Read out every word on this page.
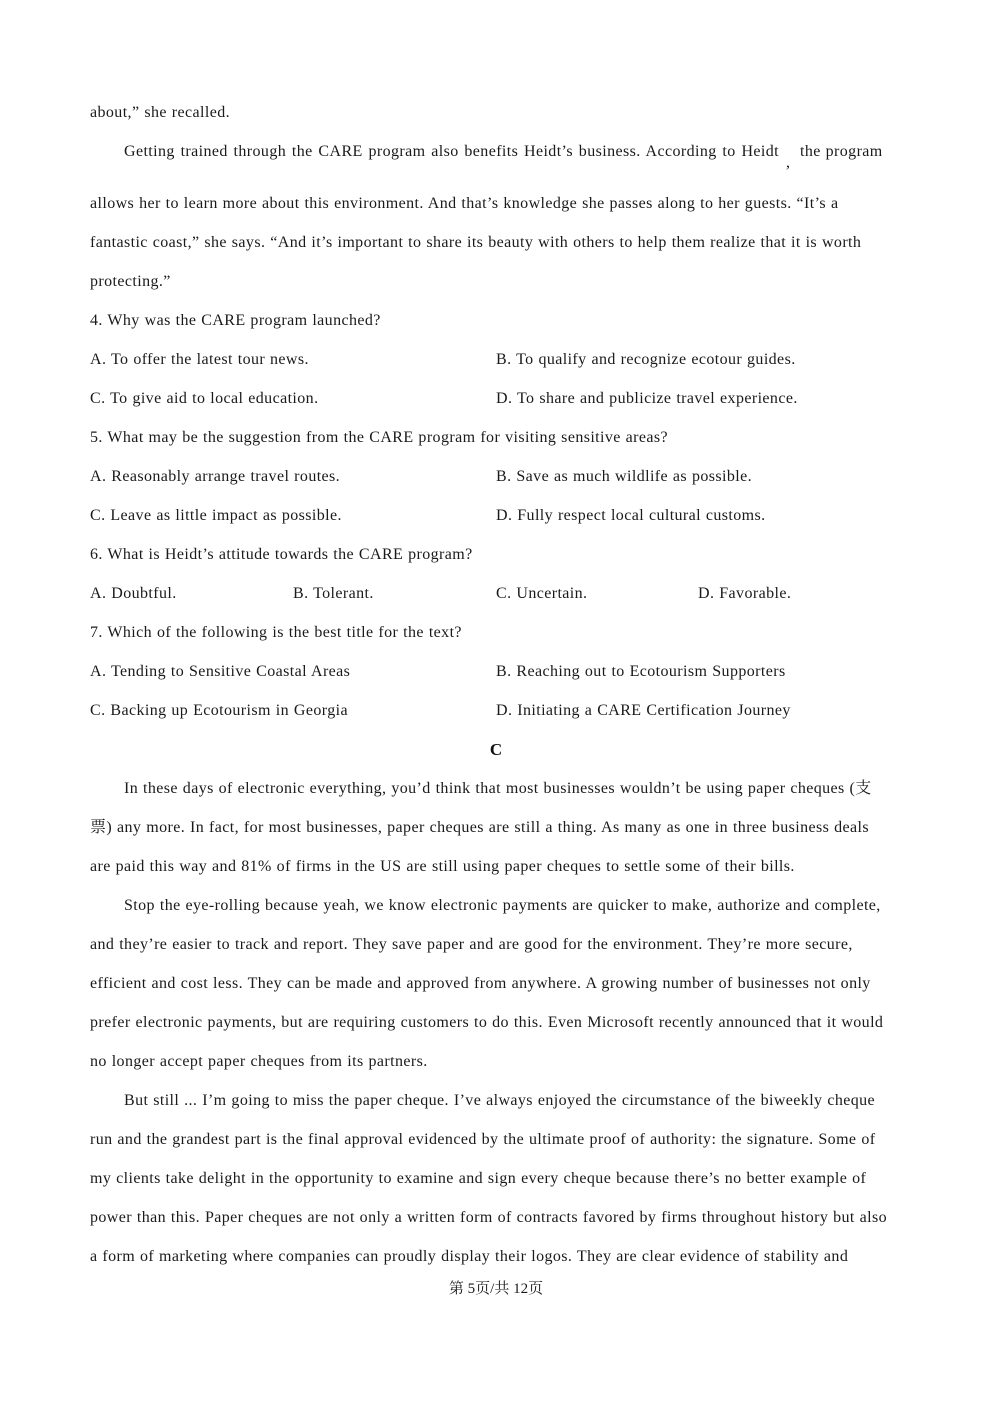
about,” she recalled.
Getting trained through the CARE program also benefits Heidt’s business. According to Heidt
,
the program
allows her to learn more about this environment. And that’s knowledge she passes along to her guests. “It’s a
fantastic coast,” she says. “And it’s important to share its beauty with others to help them realize that it is worth
protecting.”
4. Why was the CARE program launched?
A. To offer the latest tour news.	B. To qualify and recognize ecotour guides.
C. To give aid to local education.	D. To share and publicize travel experience.
5. What may be the suggestion from the CARE program for visiting sensitive areas?
A. Reasonably arrange travel routes.	B. Save as much wildlife as possible.
C. Leave as little impact as possible.	D. Fully respect local cultural customs.
6. What is Heidt’s attitude towards the CARE program?
A. Doubtful.	B. Tolerant.	C. Uncertain.	D. Favorable.
7. Which of the following is the best title for the text?
A. Tending to Sensitive Coastal Areas	B. Reaching out to Ecotourism Supporters
C. Backing up Ecotourism in Georgia	D. Initiating a CARE Certification Journey
C
In these days of electronic everything, you’d think that most businesses wouldn’t be using paper cheques (支
票) any more. In fact, for most businesses, paper cheques are still a thing. As many as one in three business deals
are paid this way and 81% of firms in the US are still using paper cheques to settle some of their bills.
Stop the eye-rolling because yeah, we know electronic payments are quicker to make, authorize and complete,
and they’re easier to track and report. They save paper and are good for the environment. They’re more secure,
efficient and cost less. They can be made and approved from anywhere. A growing number of businesses not only
prefer electronic payments, but are requiring customers to do this. Even Microsoft recently announced that it would
no longer accept paper cheques from its partners.
But still ... I’m going to miss the paper cheque. I’ve always enjoyed the circumstance of the biweekly cheque
run and the grandest part is the final approval evidenced by the ultimate proof of authority: the signature. Some of
my clients take delight in the opportunity to examine and sign every cheque because there’s no better example of
power than this. Paper cheques are not only a written form of contracts favored by firms throughout history but also
a form of marketing where companies can proudly display their logos. They are clear evidence of stability and
第 5页/共 12页
